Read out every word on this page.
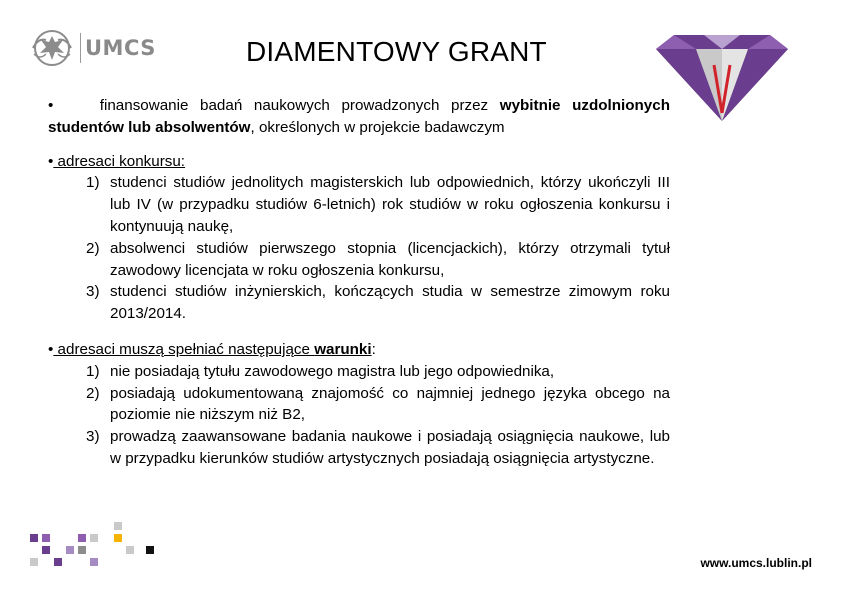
UMCS	DIAMENTOWY GRANT

•	finansowanie badań naukowych prowadzonych przez wybitnie uzdolnionych studentów lub absolwentów, określonych w projekcie badawczym

• adresaci konkursu:

1) studenci studiów jednolitych magisterskich lub odpowiednich, którzy ukończyli III lub IV (w przypadku studiów 6-letnich) rok studiów w roku ogłoszenia konkursu i kontynuują naukę,
2) absolwenci studiów pierwszego stopnia (licencjackich), którzy otrzymali tytuł zawodowy licencjata w roku ogłoszenia konkursu,
3) studenci studiów inżynierskich, kończących studia w semestrze zimowym roku 2013/2014.

• adresaci muszą spełniać następujące warunki:

1) nie posiadają tytułu zawodowego magistra lub jego odpowiednika,
2) posiadają udokumentowaną znajomość co najmniej jednego języka obcego na poziomie nie niższym niż B2,
3) prowadzą zaawansowane badania naukowe i posiadają osiągnięcia naukowe, lub w przypadku kierunków studiów artystycznych posiadają osiągnięcia artystyczne.
www.umcs.lublin.pl
